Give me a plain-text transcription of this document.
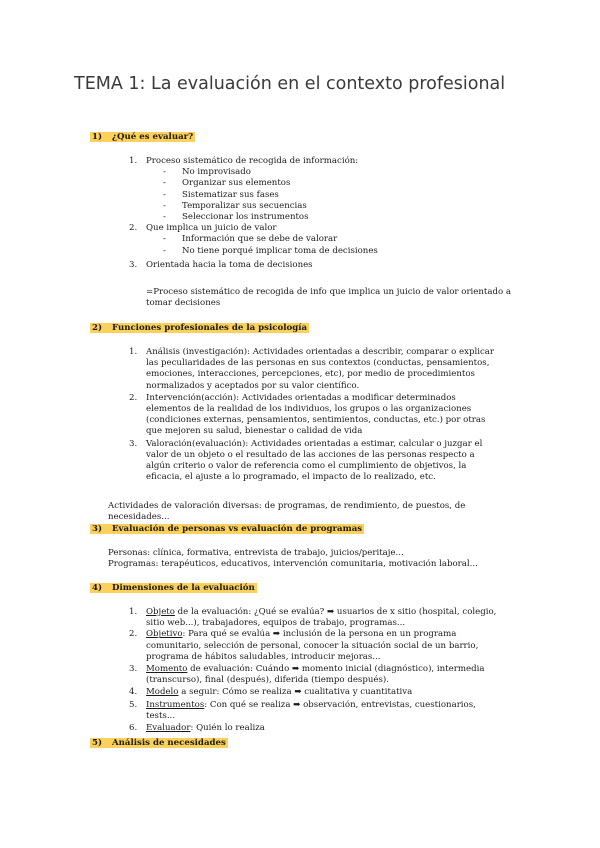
TEMA 1: La evaluación en el contexto profesional
1) ¿Qué es evaluar?
1. Proceso sistemático de recogida de información:
- No improvisado
- Organizar sus elementos
- Sistematizar sus fases
- Temporalizar sus secuencias
- Seleccionar los instrumentos
2. Que implica un juicio de valor
- Información que se debe de valorar
- No tiene porqué implicar toma de decisiones
3. Orientada hacia la toma de decisiones
=Proceso sistemático de recogida de info que implica un juicio de valor orientado a tomar decisiones
2) Funciones profesionales de la psicología
1. Análisis (investigación): Actividades orientadas a describir, comparar o explicar las peculiaridades de las personas en sus contextos (conductas, pensamientos, emociones, interacciones, percepciones, etc), por medio de procedimientos normalizados y aceptados por su valor científico.
2. Intervención(acción): Actividades orientadas a modificar determinados elementos de la realidad de los individuos, los grupos o las organizaciones (condiciones externas, pensamientos, sentimientos, conductas, etc.) por otras que mejoren su salud, bienestar o calidad de vida
3. Valoración(evaluación): Actividades orientadas a estimar, calcular o juzgar el valor de un objeto o el resultado de las acciones de las personas respecto a algún criterio o valor de referencia como el cumplimiento de objetivos, la eficacia, el ajuste a lo programado, el impacto de lo realizado, etc.
Actividades de valoración diversas: de programas, de rendimiento, de puestos, de necesidades...
3) Evaluación de personas vs evaluación de programas
Personas: clínica, formativa, entrevista de trabajo, juicios/peritaje...
Programas: terapéuticos, educativos, intervención comunitaria, motivación laboral...
4) Dimensiones de la evaluación
1. Objeto de la evaluación: ¿Qué se evalúa? ➡ usuarios de x sitio (hospital, colegio, sitio web...), trabajadores, equipos de trabajo, programas...
2. Objetivo: Para qué se evalúa ➡ inclusión de la persona en un programa comunitario, selección de personal, conocer la situación social de un barrio, programa de hábitos saludables, introducir mejoras...
3. Momento de evaluación: Cuándo ➡ momento inicial (diagnóstico), intermedia (transcurso), final (después), diferida (tiempo después).
4. Modelo a seguir: Cómo se realiza ➡ cualitativa y cuantitativa
5. Instrumentos: Con qué se realiza ➡ observación, entrevistas, cuestionarios, tests...
6. Evaluador: Quién lo realiza
5) Análisis de necesidades
